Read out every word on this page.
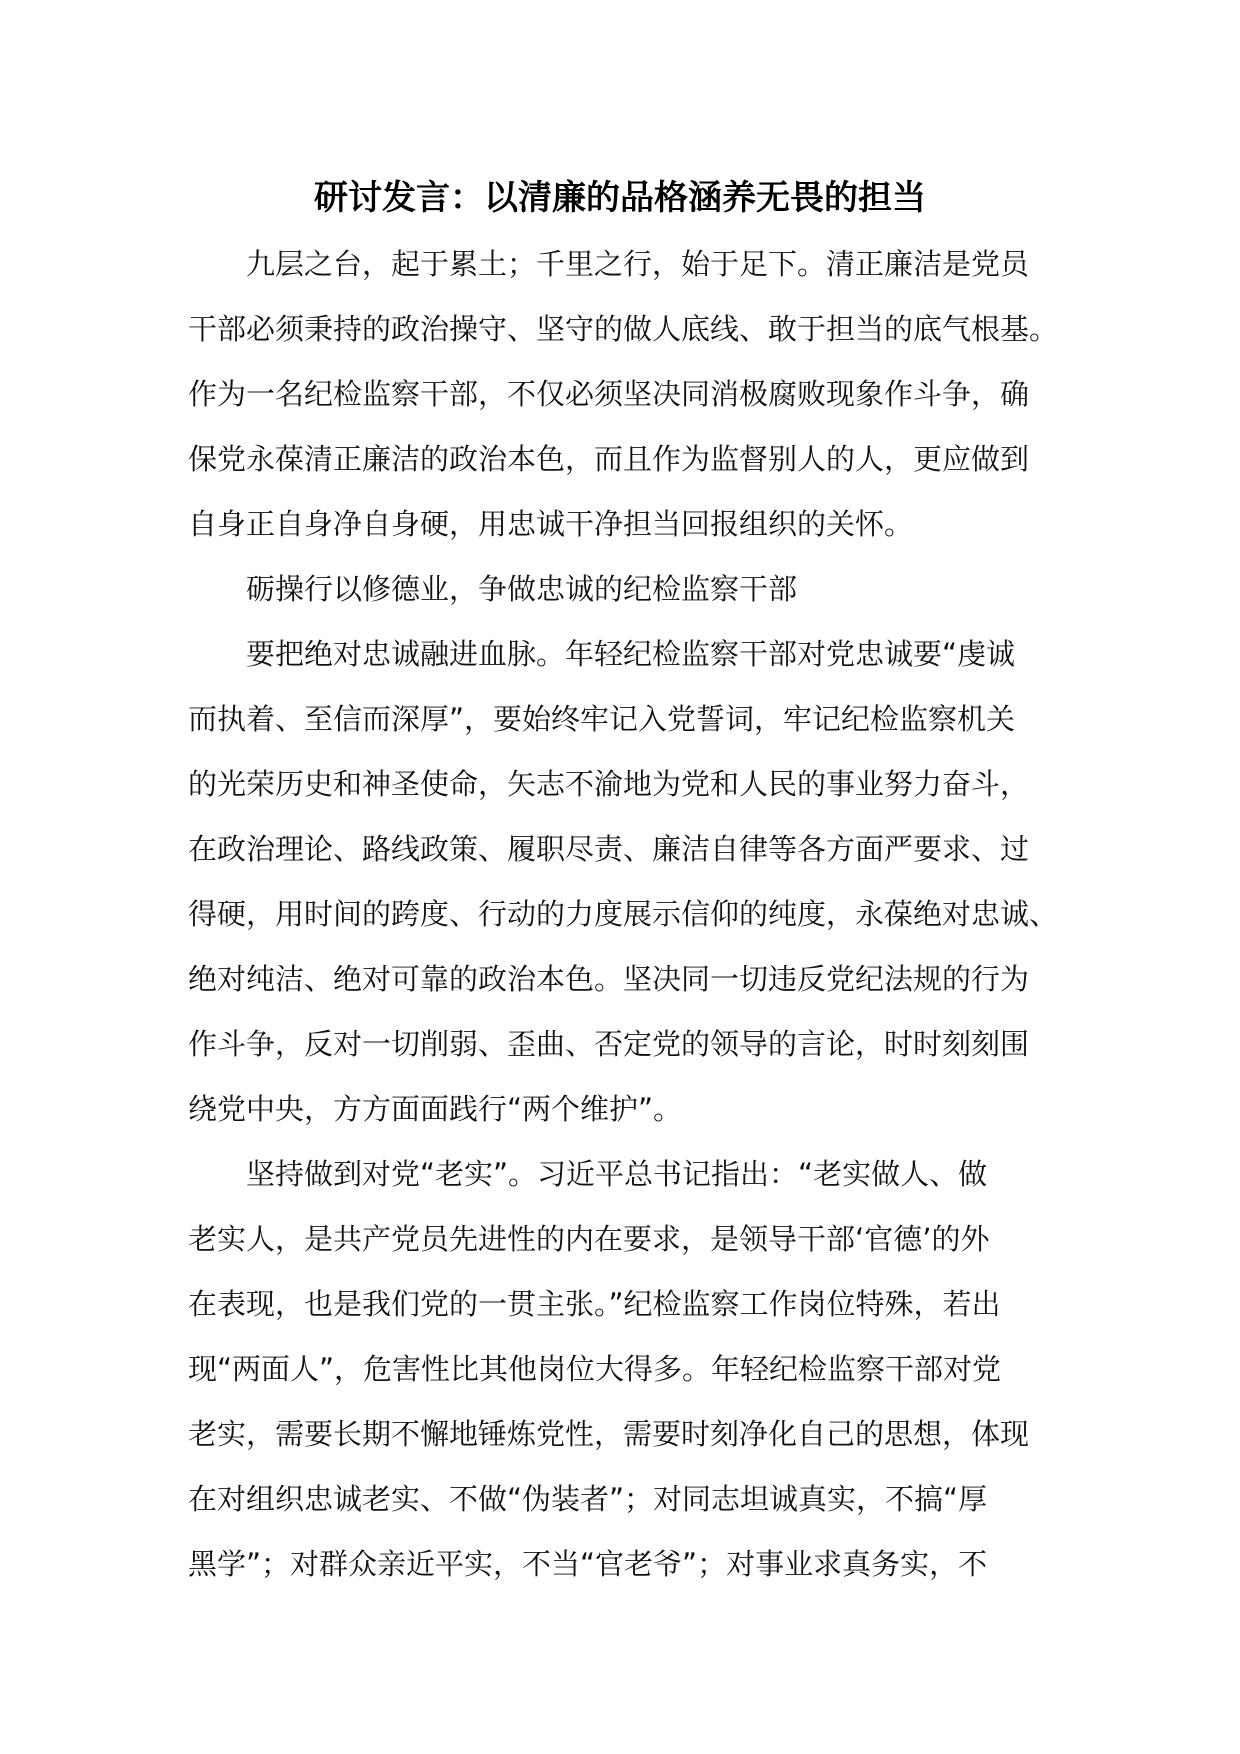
研讨发言：以清廉的品格涵养无畏的担当
九层之台，起于累土；千里之行，始于足下。清正廉洁是党员
干部必须秉持的政治操守、坚守的做人底线、敢于担当的底气根基。
作为一名纪检监察干部，不仅必须坚决同消极腐败现象作斗争，确
保党永葆清正廉洁的政治本色，而且作为监督别人的人，更应做到
自身正自身净自身硬，用忠诚干净担当回报组织的关怀。
砺操行以修德业，争做忠诚的纪检监察干部
要把绝对忠诚融进血脉。年轻纪检监察干部对党忠诚要“虔诚
而执着、至信而深厚”，要始终牢记入党誓词，牢记纪检监察机关
的光荣历史和神圣使命，矢志不渝地为党和人民的事业努力奋斗，
在政治理论、路线政策、履职尽责、廉洁自律等各方面严要求、过
得硬，用时间的跨度、行动的力度展示信仰的纯度，永葆绝对忠诚、
绝对纯洁、绝对可靠的政治本色。坚决同一切违反党纪法规的行为
作斗争，反对一切削弱、歪曲、否定党的领导的言论，时时刻刻围
绕党中央，方方面面践行“两个维护”。
坚持做到对党“老实”。习近平总书记指出：“老实做人、做
老实人，是共产党员先进性的内在要求，是领导干部‘官德’的外
在表现，也是我们党的一贯主张。”纪检监察工作岗位特殊，若出
现“两面人”，危害性比其他岗位大得多。年轻纪检监察干部对党
老实，需要长期不懈地锤炼党性，需要时刻净化自己的思想，体现
在对组织忠诚老实、不做“伪装者”；对同志坦诚真实，不搞“厚
黑学”；对群众亲近平实，不当“官老爷”；对事业求真务实，不
